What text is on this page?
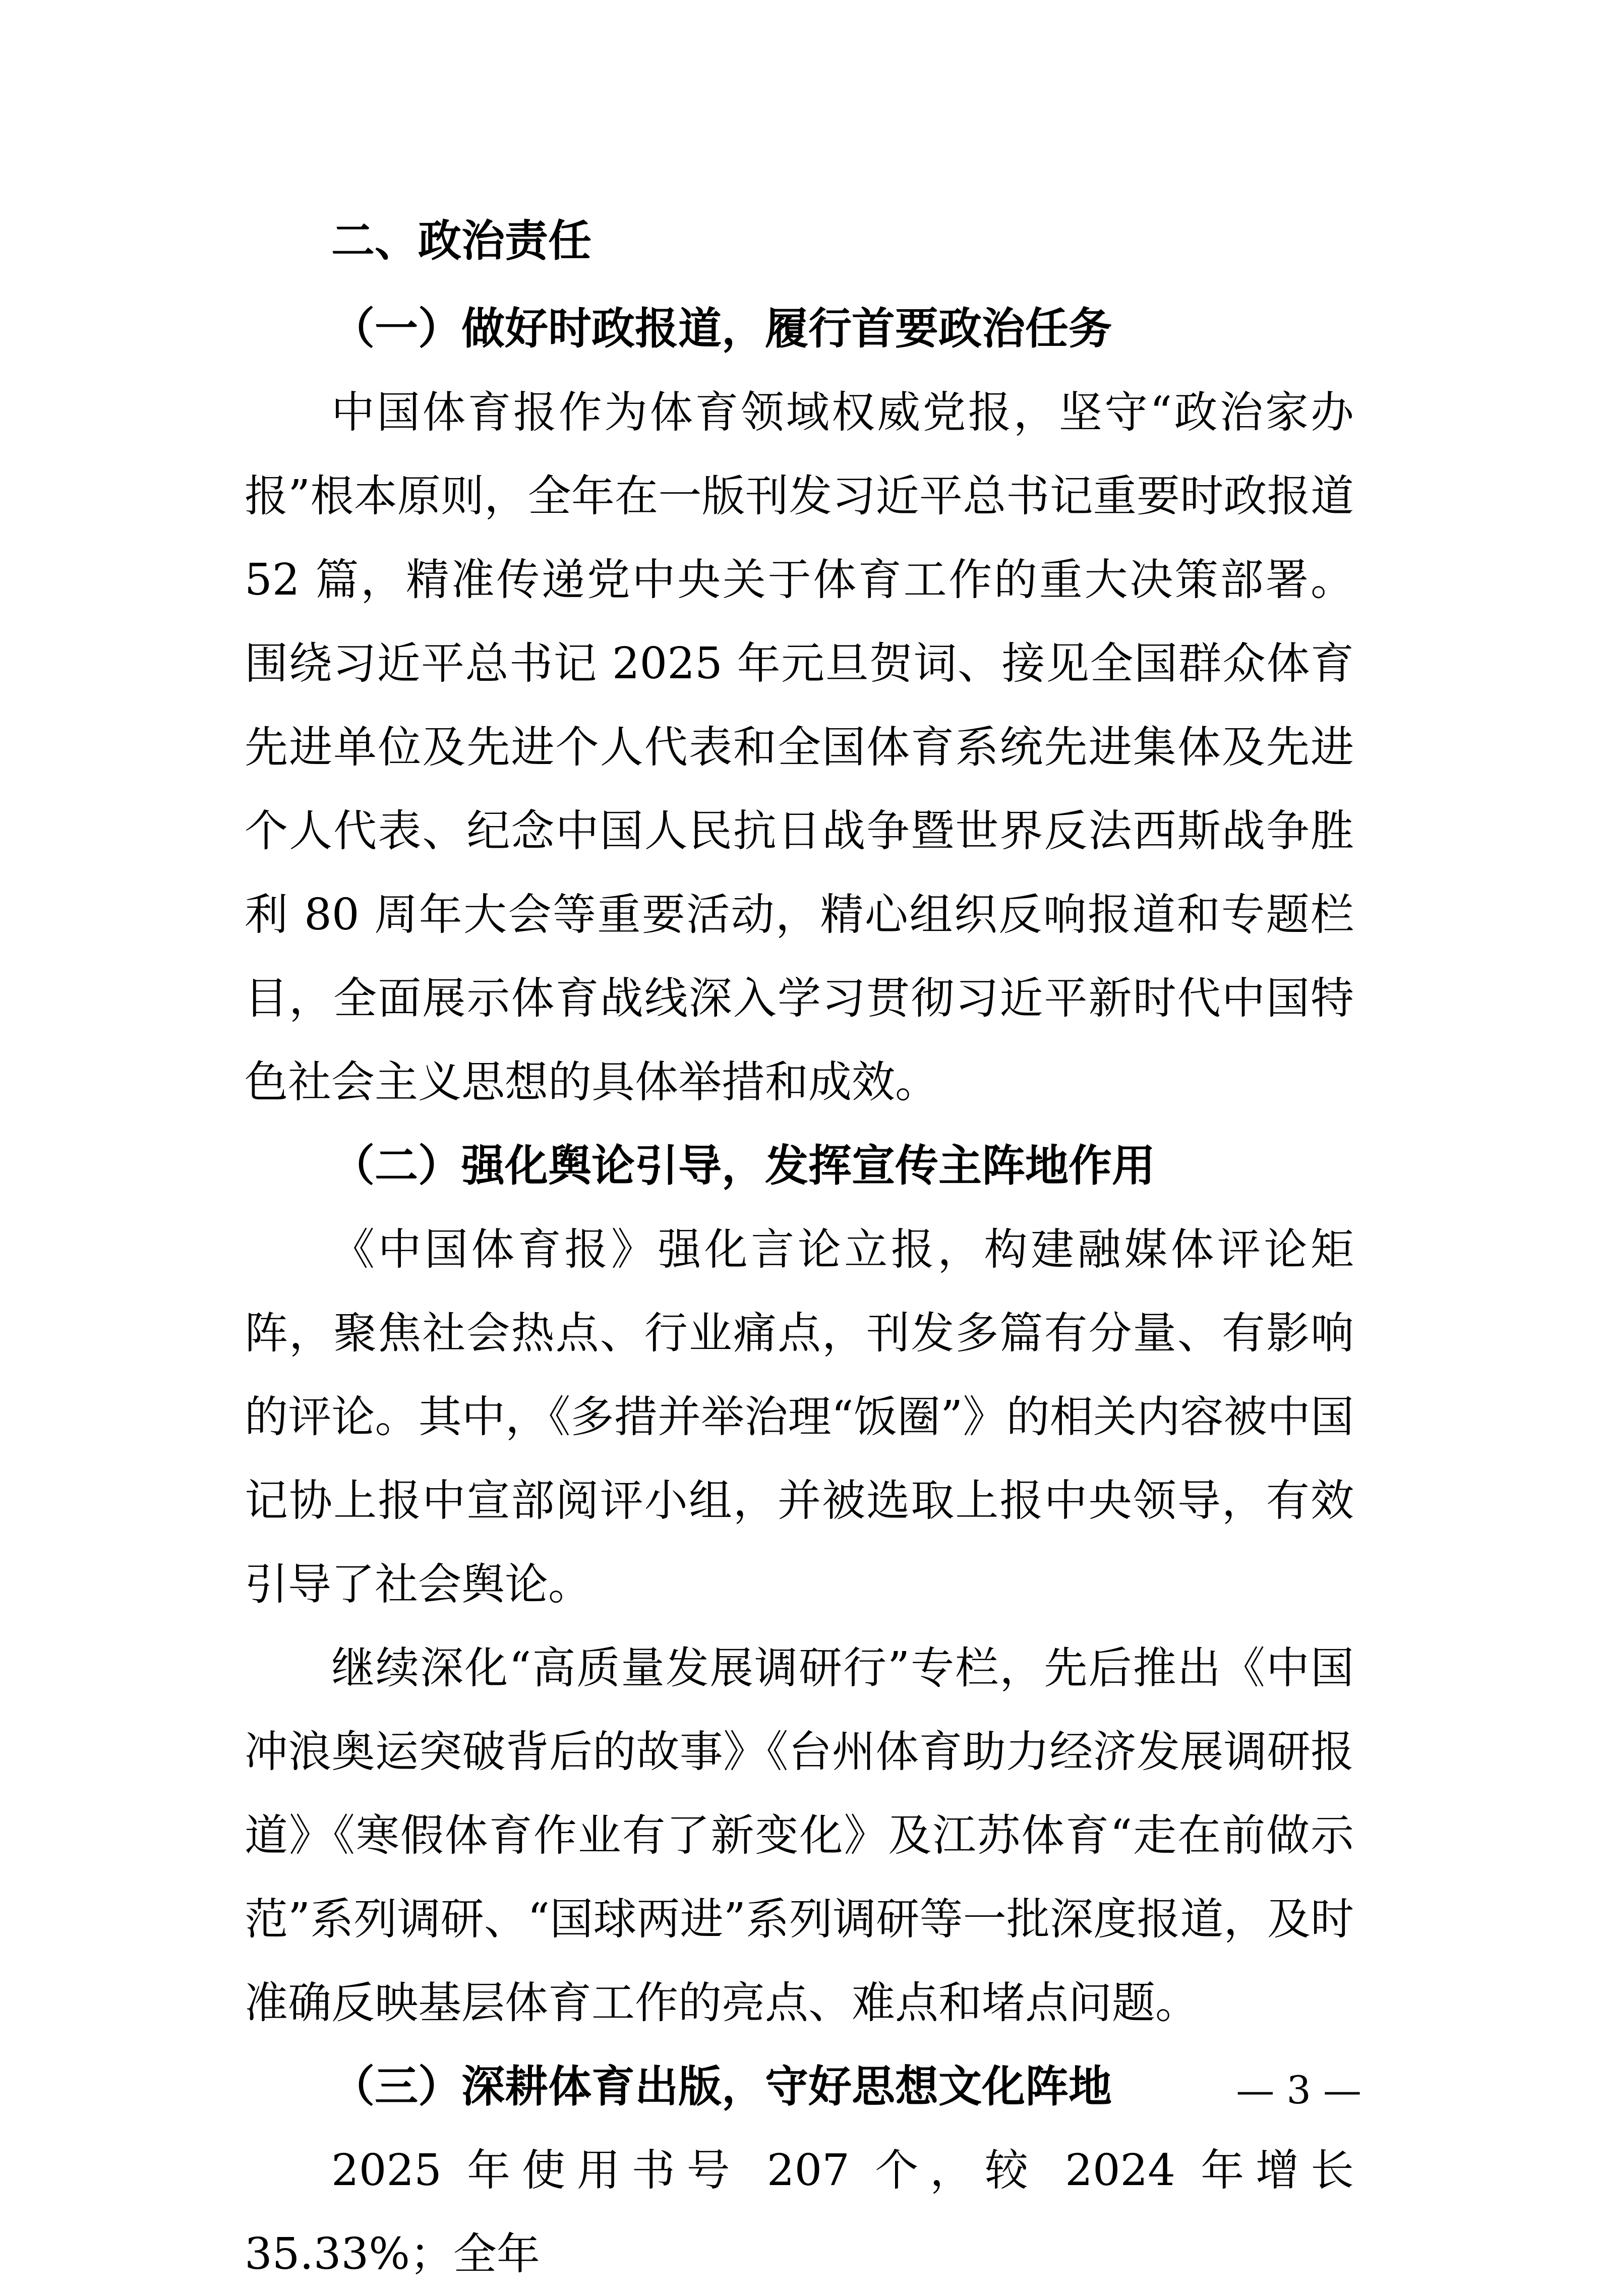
二、政治责任

（一）做好时政报道，履行首要政治任务

中国体育报作为体育领域权威党报，坚守“政治家办报”根本原则，全年在一版刊发习近平总书记重要时政报道 52 篇，精准传递党中央关于体育工作的重大决策部署。围绕习近平总书记 2025 年元旦贺词、接见全国群众体育先进单位及先进个人代表和全国体育系统先进集体及先进个人代表、纪念中国人民抗日战争暨世界反法西斯战争胜利 80 周年大会等重要活动，精心组织反响报道和专题栏目，全面展示体育战线深入学习贯彻习近平新时代中国特色社会主义思想的具体举措和成效。

（二）强化舆论引导，发挥宣传主阵地作用

《中国体育报》强化言论立报，构建融媒体评论矩阵，聚焦社会热点、行业痛点，刊发多篇有分量、有影响的评论。其中，《多措并举治理“饭圈”》的相关内容被中国记协上报中宣部阅评小组，并被选取上报中央领导，有效引导了社会舆论。

继续深化“高质量发展调研行”专栏，先后推出《中国冲浪奥运突破背后的故事》《台州体育助力经济发展调研报道》《寒假体育作业有了新变化》及江苏体育“走在前做示范”系列调研、“国球两进”系列调研等一批深度报道，及时准确反映基层体育工作的亮点、难点和堵点问题。

（三）深耕体育出版，守好思想文化阵地

2025 年使用书号 207 个，较 2024 年增长 35.33%；全年

— 3 —
